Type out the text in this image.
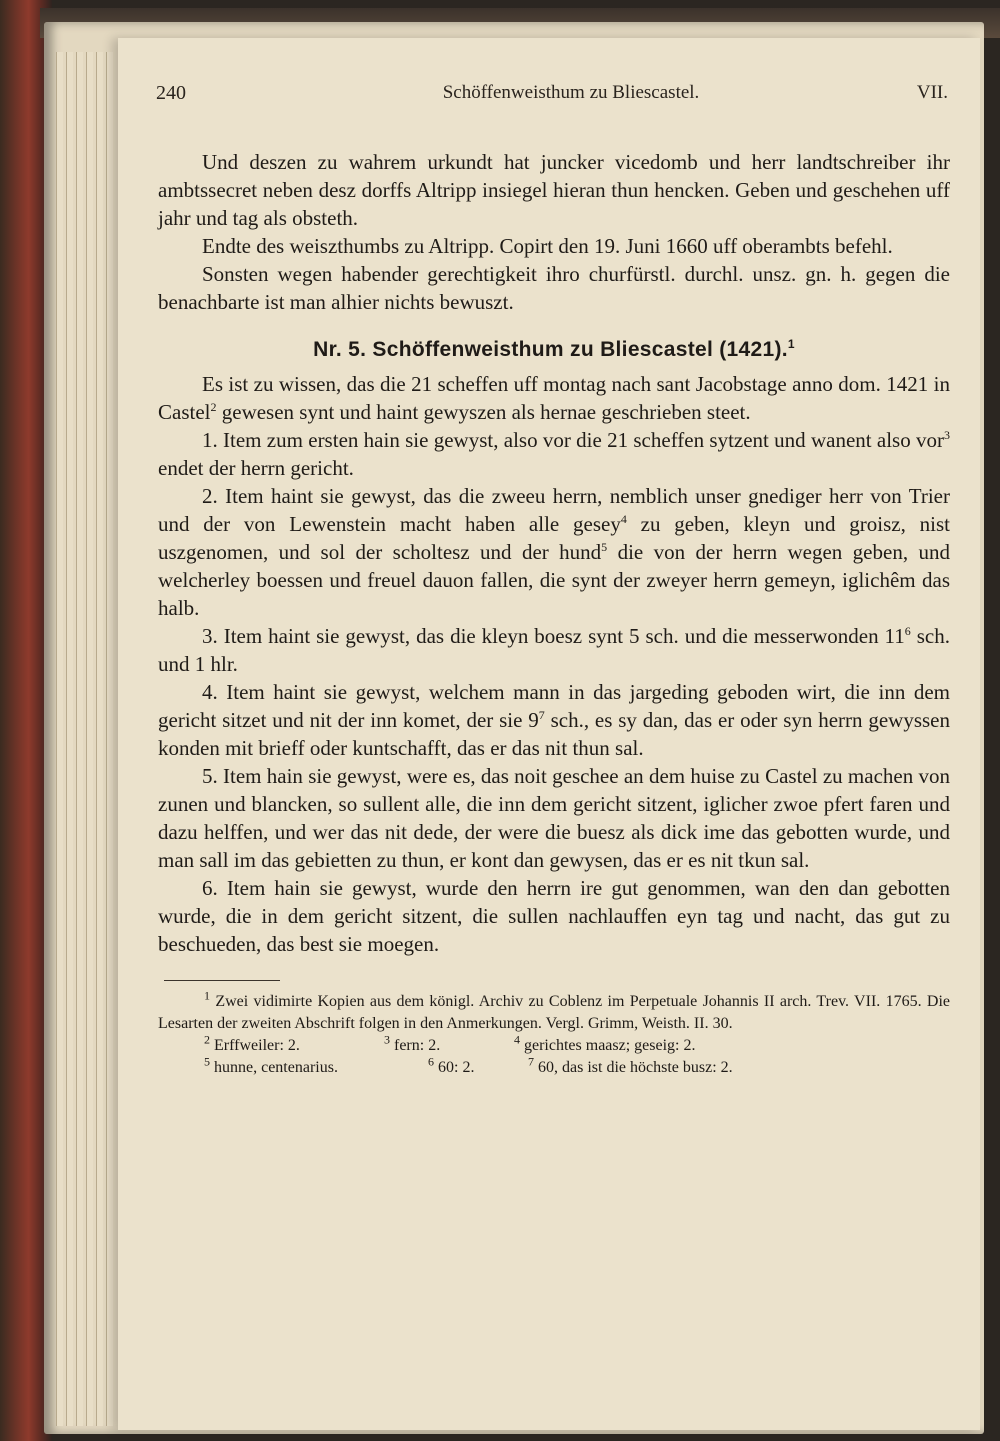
240	Schöffenweisthum zu Bliescastel.	VII.

Und deszen zu wahrem urkundt hat juncker vicedomb und herr landtschreiber ihr ambtssecret neben desz dorffs Altripp insiegel hieran thun hencken. Geben und geschehen uff jahr und tag als obsteth.

Endte des weiszthumbs zu Altripp. Copirt den 19. Juni 1660 uff oberambts befehl.

Sonsten wegen habender gerechtigkeit ihro churfürstl. durchl. unsz. gn. h. gegen die benachbarte ist man alhier nichts bewuszt.

Nr. 5. Schöffenweisthum zu Bliescastel (1421).$^1$

Es ist zu wissen, das die 21 scheffen uff montag nach sant Jacobstage anno dom. 1421 in Castel$^2$ gewesen synt und haint gewyszen als hernae geschrieben steet.

1. Item zum ersten hain sie gewyst, also vor die 21 scheffen sytzent und wanent also vor$^3$ endet der herrn gericht.

2. Item haint sie gewyst, das die zweeu herrn, nemblich unser gnediger herr von Trier und der von Lewenstein macht haben alle gesey$^4$ zu geben, kleyn und groisz, nist uszgenomen, und sol der scholtesz und der hund$^5$ die von der herrn wegen geben, und welcherley boessen und freuel dauon fallen, die synt der zweyer herrn gemeyn, iglichêm das halb.

3. Item haint sie gewyst, das die kleyn boesz synt 5 sch. und die messerwonden $11^6$ sch. und 1 hlr.

4. Item haint sie gewyst, welchem mann in das jargeding geboden wirt, die inn dem gericht sitzet und nit der inn komet, der sie $9^7$ sch., es sy dan, das er oder syn herrn gewyssen konden mit brieff oder kuntschafft, das er das nit thun sal.

5. Item hain sie gewyst, were es, das noit geschee an dem huise zu Castel zu machen von zunen und blancken, so sullent alle, die inn dem gericht sitzent, iglicher zwoe pfert faren und dazu helffen, und wer das nit dede, der were die buesz als dick ime das gebotten wurde, und man sall im das gebietten zu thun, er kont dan gewysen, das er es nit tkun sal.

6. Item hain sie gewyst, wurde den herrn ire gut genommen, wan den dan gebotten wurde, die in dem gericht sitzent, die sullen nachlauffen eyn tag und nacht, das gut zu beschueden, das best sie moegen.

$^1$ Zwei vidimirte Kopien aus dem königl. Archiv zu Coblenz im Perpetuale Johannis II arch. Trev. VII. 1765. Die Lesarten der zweiten Abschrift folgen in den Anmerkungen. Vergl. Grimm, Weisth. II. 30.

$^2$ Erffweiler: 2.	$^3$ fern: 2.	$^4$ gerichtes maasz; geseig: 2.
$^5$ hunne, centenarius.	$^6$ 60: 2.	$^7$ 60, das ist die höchste busz: 2.
